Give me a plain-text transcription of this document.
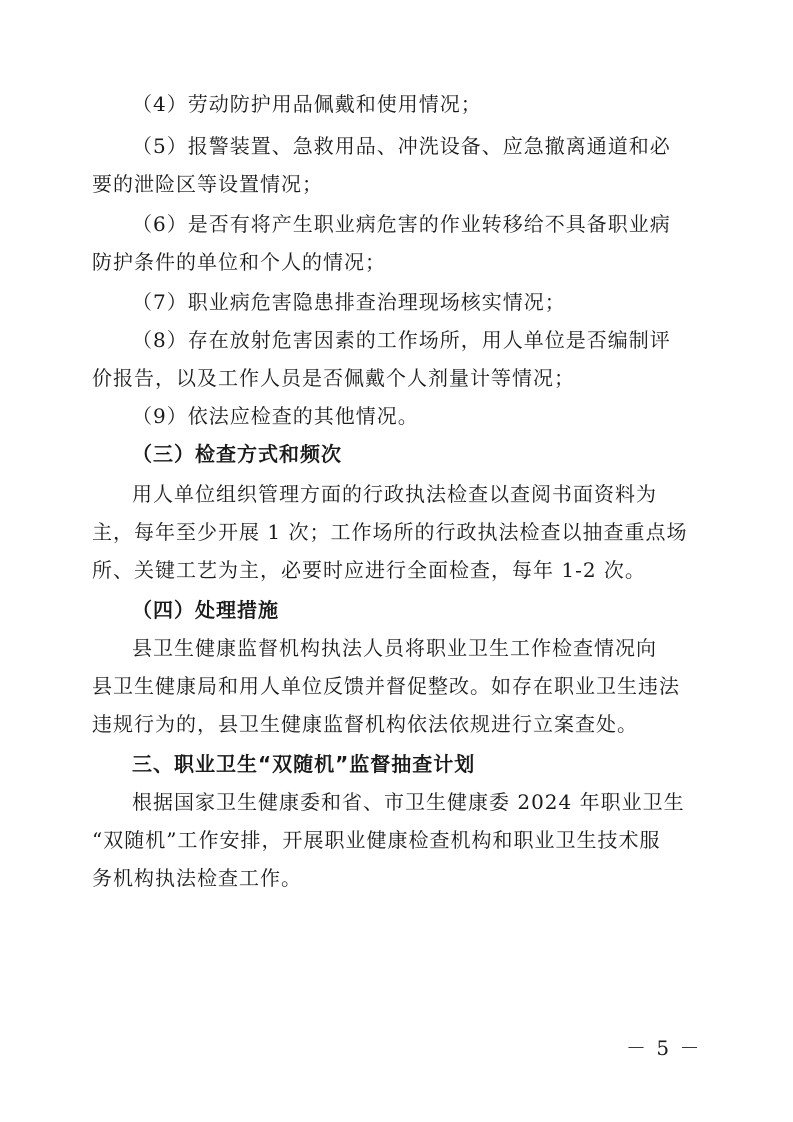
（4）劳动防护用品佩戴和使用情况；
（5）报警装置、急救用品、冲洗设备、应急撤离通道和必
要的泄险区等设置情况；
（6）是否有将产生职业病危害的作业转移给不具备职业病
防护条件的单位和个人的情况；
（7）职业病危害隐患排查治理现场核实情况；
（8）存在放射危害因素的工作场所，用人单位是否编制评
价报告，以及工作人员是否佩戴个人剂量计等情况；
（9）依法应检查的其他情况。
（三）检查方式和频次
用人单位组织管理方面的行政执法检查以查阅书面资料为
主，每年至少开展 1 次；工作场所的行政执法检查以抽查重点场
所、关键工艺为主，必要时应进行全面检查，每年 1-2 次。
（四）处理措施
县卫生健康监督机构执法人员将职业卫生工作检查情况向
县卫生健康局和用人单位反馈并督促整改。如存在职业卫生违法
违规行为的，县卫生健康监督机构依法依规进行立案查处。
三、职业卫生“双随机”监督抽查计划
根据国家卫生健康委和省、市卫生健康委 2024 年职业卫生
“双随机”工作安排，开展职业健康检查机构和职业卫生技术服
务机构执法检查工作。
－ 5 －
